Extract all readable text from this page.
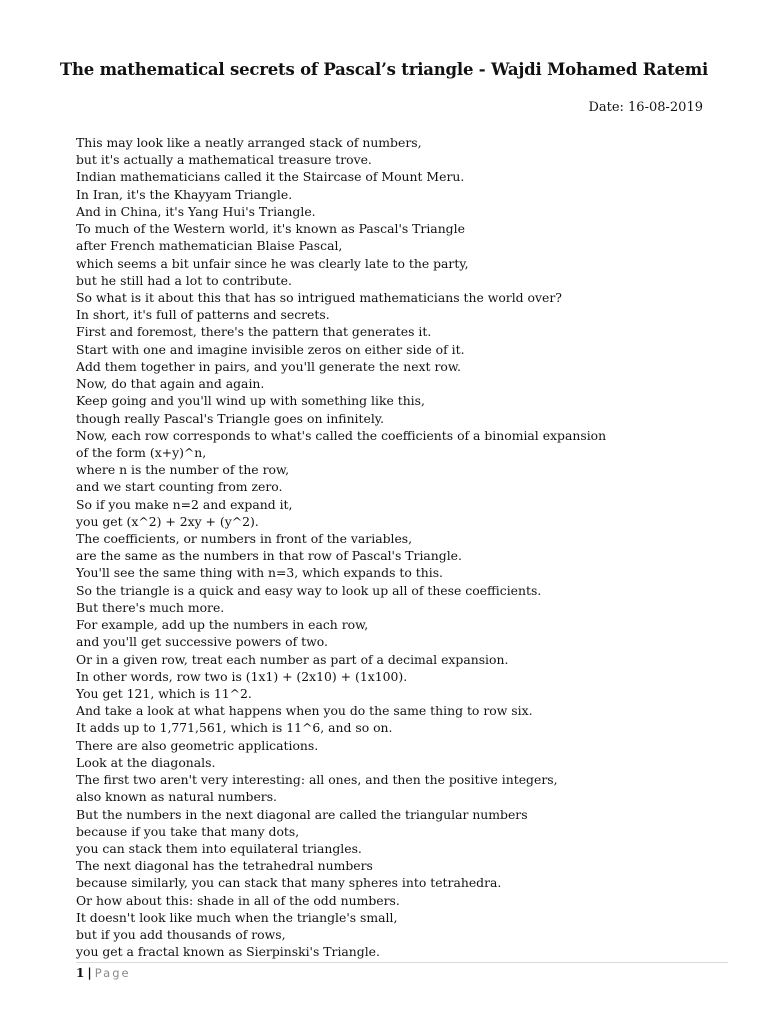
The mathematical secrets of Pascal’s triangle - Wajdi Mohamed Ratemi
Date: 16-08-2019
This may look like a neatly arranged stack of numbers,
but it's actually a mathematical treasure trove.
Indian mathematicians called it the Staircase of Mount Meru.
In Iran, it's the Khayyam Triangle.
And in China, it's Yang Hui's Triangle.
To much of the Western world, it's known as Pascal's Triangle
after French mathematician Blaise Pascal,
which seems a bit unfair since he was clearly late to the party,
but he still had a lot to contribute.
So what is it about this that has so intrigued mathematicians the world over?
In short, it's full of patterns and secrets.
First and foremost, there's the pattern that generates it.
Start with one and imagine invisible zeros on either side of it.
Add them together in pairs, and you'll generate the next row.
Now, do that again and again.
Keep going and you'll wind up with something like this,
though really Pascal's Triangle goes on infinitely.
Now, each row corresponds to what's called the coefficients of a binomial expansion
of the form (x+y)^n,
where n is the number of the row,
and we start counting from zero.
So if you make n=2 and expand it,
you get (x^2) + 2xy + (y^2).
The coefficients, or numbers in front of the variables,
are the same as the numbers in that row of Pascal's Triangle.
You'll see the same thing with n=3, which expands to this.
So the triangle is a quick and easy way to look up all of these coefficients.
But there's much more.
For example, add up the numbers in each row,
and you'll get successive powers of two.
Or in a given row, treat each number as part of a decimal expansion.
In other words, row two is (1x1) + (2x10) + (1x100).
You get 121, which is 11^2.
And take a look at what happens when you do the same thing to row six.
It adds up to 1,771,561, which is 11^6, and so on.
There are also geometric applications.
Look at the diagonals.
The first two aren't very interesting: all ones, and then the positive integers,
also known as natural numbers.
But the numbers in the next diagonal are called the triangular numbers
because if you take that many dots,
you can stack them into equilateral triangles.
The next diagonal has the tetrahedral numbers
because similarly, you can stack that many spheres into tetrahedra.
Or how about this: shade in all of the odd numbers.
It doesn't look like much when the triangle's small,
but if you add thousands of rows,
you get a fractal known as Sierpinski's Triangle.
1 | Page
